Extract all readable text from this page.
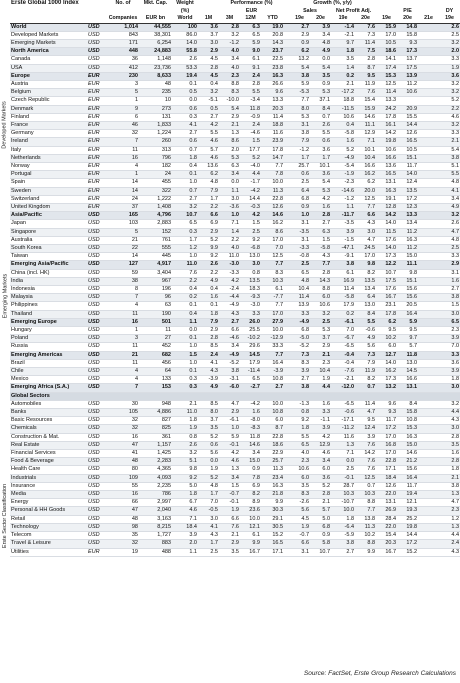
Developed Markets
Emerging Markets
Erste Sector Classification
Erste Global 1000 Index		No. of	Mkt. Cap.	Weight		Performance (%)				Growth (%, y/y)							
				(%)		EUR				Sales		Net Profit Adj.		P/E			DY
		Companies	EUR bn	World	1M	3M	12M	YTD		19e	20e	19e	20e	19e	20e	21e	19e
World	USD	1,014	44,555	100	3.6	2.8	6.3	19.0		2.7	3.9	-1.4	7.6	15.9	14.8		2.6
Developed Markets	USD	843	38,301	86.0	3.7	3.2	6.5	20.8		2.9	3.4	-2.1	7.3	17.0	15.8		2.5
Emerging Markets	USD	171	6,254	14.0	3.0	-1.2	5.9	14.3		0.9	4.8	9.7	11.4	10.5	9.3		3.2
North America	USD	448	24,883	55.8	2.9	4.0	9.0	23.7		6.2	4.9	1.8	7.5	18.6	17.3		2.0
Canada	USD	36	1,148	2.6	4.5	3.4	6.1	22.5		13.2	0.0	3.5	2.8	14.1	13.7		3.3
USA	USD	412	23,736	53.3	2.8	4.0	9.1	23.8		5.4	5.4	1.4	8.7	17.4	17.5		1.9
Europe	EUR	230	8,633	19.4	4.5	2.3	2.4	16.3		3.8	3.5	0.2	9.5	15.3	13.9		3.6
Austria	EUR	3	48	0.1	0.4	8.8	2.8	26.6		5.9	0.9	2.1	11.9	12.5	11.2		3.2
Belgium	EUR	5	235	0.5	3.2	8.3	5.5	9.6		-5.3	5.3	-17.2	7.6	11.4	10.6		3.2
Czech Republic	EUR	1	10	0.0	-5.1	-10.0	-3.4	13.3		7.7	37.1	18.8	15.4	13.3			5.2
Denmark	EUR	9	273	0.6	0.5	5.4	11.8	20.3		8.0	8.4	-11.5	15.9	24.2	20.9		2.2
Finland	EUR	6	131	0.3	2.7	2.9	-0.9	11.4		5.3	0.7	10.6	14.6	17.8	15.5		4.6
France	EUR	46	1,833	4.1	4.2	2.1	2.4	18.8		3.1	2.6	0.4	11.1	16.1	14.4		3.2
Germany	EUR	32	1,224	2.7	5.5	1.3	-4.6	11.6		3.8	5.5	-5.8	12.9	14.2	12.6		3.3
Ireland	EUR	7	260	0.6	4.6	8.6	1.5	23.9		7.9	0.6	1.6	7.1	19.8	16.5		2.1
Italy	EUR	11	313	0.7	5.7	2.0	17.7	17.8		-1.2	3.6	5.2	10.1	10.6	10.5		5.4
Netherlands	EUR	16	796	1.8	4.6	5.3	5.2	14.7		1.7	1.7	-4.9	10.4	16.6	15.1		3.8
Norway	EUR	4	182	0.4	13.6	6.3	-4.0	7.7		25.7	10.1	-5.4	16.6	13.6	11.7		5.1
Portugal	EUR	1	24	0.1	6.2	3.4	4.4	7.8		0.6	3.6	-1.9	16.2	16.5	14.0		5.5
Spain	EUR	14	455	1.0	4.8	0.0	-1.7	10.0		2.5	5.4	-2.3	6.2	13.1	12.4		4.8
Sweden	EUR	14	322	0.7	7.9	1.1	-4.2	11.3		6.4	5.3	-14.6	20.0	16.3	13.5		4.1
Switzerland	EUR	24	1,222	2.7	1.7	3.0	14.4	22.8		6.8	4.2	-1.2	12.5	19.1	17.2		3.4
United Kingdom	EUR	37	1,408	3.2	2.2	-3.6	-0.3	12.6		0.9	1.6	1.1	7.7	12.8	12.3		4.9
Asia/Pacific	USD	165	4,796	10.7	6.6	1.0	4.2	14.6		1.0	2.8	-11.7	6.6	14.2	13.3		3.2
Japan	USD	103	2,883	6.5	6.9	7.1	1.5	16.2		3.1	2.7	-3.5	4.3	14.0	13.4		2.6
Singapore	USD	5	152	0.3	2.9	1.4	2.5	8.6		-3.5	6.3	3.9	3.0	11.5	11.2		4.7
Australia	USD	21	761	1.7	5.2	2.2	9.2	17.0		3.1	1.5	-1.5	4.7	17.6	16.3		4.8
South Korea	USD	22	555	1.2	9.9	4.0	-6.8	7.0		-3.3	-5.8	-47.1	24.5	14.0	11.2		2.5
Taiwan	USD	14	445	1.0	9.2	11.0	13.0	12.5		-0.8	4.3	-9.1	17.0	17.3	15.0		3.3
Emerging Asia/Pacific	USD	127	4,917	11.0	2.6	-3.0	3.0	7.7		2.5	7.7	3.8	9.8	12.2	11.1		2.9
China (incl. HK)	USD	59	3,404	7.6	2.2	-3.3	0.8	8.3		6.5	2.8	6.1	8.2	10.7	9.8		3.1
India	USD	38	967	2.2	4.9	4.2	13.5	10.3		4.8	14.3	16.9	13.5	17.5	15.1		1.6
Indonesia	USD	8	196	0.4	0.4	-2.4	18.3	6.1		10.4	8.8	11.4	13.4	17.6	15.6		2.7
Malaysia	USD	7	96	0.2	1.6	-4.4	-9.3	-7.7		11.4	6.0	-5.8	6.4	16.7	15.6		3.8
Philippines	USD	4	63	0.1	0.1	-4.9	-3.0	7.7		13.9	10.6	17.9	13.0	23.1	20.5		1.5
Thailand	USD	11	190	0.4	1.8	4.3	3.3	17.0		3.3	3.2	0.2	8.4	17.8	16.4		3.0
Emerging Europe	USD	16	501	1.1	7.9	2.7	26.0	27.9		-4.9	2.5	-6.1	5.5	6.2	5.9		6.5
Hungary	USD	1	11	0.0	2.9	6.6	25.5	10.0		6.8	5.3	7.0	-0.6	9.5	9.5		2.3
Poland	USD	3	27	0.1	2.8	-4.6	-10.2	-12.9		-5.0	3.7	-6.7	4.9	10.2	9.7		3.9
Russia	USD	11	452	1.0	8.5	3.4	29.6	33.3		-5.2	2.9	-6.5	5.6	6.0	5.7		7.0
Emerging Americas	USD	21	682	1.5	2.4	-4.9	14.5	7.7		7.3	2.1	-0.4	7.3	12.7	11.8		3.3
Brazil	USD	11	456	1.0	4.1	-5.2	17.9	16.4		8.3	2.3	-0.4	7.9	14.0	13.0		3.6
Chile	USD	4	64	0.1	4.3	3.8	-11.4	-3.9		3.9	10.4	-7.6	11.9	16.2	14.5		3.9
Mexico	USD	4	133	0.3	-3.9	-3.1	6.5	10.8		2.7	1.9	-2.1	8.2	17.3	16.6		1.8
Emerging Africa (S.A.)	USD	7	153	0.3	4.9	-6.0	-2.7	2.7		3.8	4.4	-12.0	0.7	13.2	13.1		3.0
Global Sectors																	
Automobiles	USD	30	948	2.1	8.5	4.7	-4.2	10.0		-1.3	1.6	-6.5	11.4	9.6	8.4		3.2
Banks	USD	105	4,886	11.0	8.0	2.9	1.6	10.8		0.8	3.3	-0.6	4.7	9.3	15.8		4.4
Basic Resources	USD	32	827	1.8	3.7	-6.1	-8.0	6.0		9.2	-1.1	-17.1	9.5	11.7	10.8		4.3
Chemicals	USD	32	825	1.9	3.5	1.0	-8.3	8.7		1.8	3.9	-11.2	12.4	17.2	15.3		3.0
Construction & Mat.	USD	16	361	0.8	5.2	5.9	11.8	22.8		5.5	4.2	11.6	3.9	17.0	16.3		2.8
Real Estate	USD	47	1,157	2.6	0.6	-0.1	14.6	18.6		6.5	12.9	1.3	7.6	16.8	15.0		3.5
Financial Services	USD	41	1,425	3.2	5.6	4.2	3.4	22.9		4.0	4.6	7.1	14.2	17.0	14.6		1.6
Food & Beverage	USD	48	2,283	5.1	0.0	4.6	15.0	25.7		2.3	3.4	0.0	7.6	22.8	21.2		2.8
Health Care	USD	80	4,365	9.8	1.9	1.3	0.9	11.3		10.6	6.0	2.5	7.6	17.1	15.6		1.8
Industrials	USD	109	4,093	9.2	5.2	3.4	7.8	23.4		6.0	3.6	-0.1	12.5	18.4	16.4		2.1
Insurance	USD	55	2,235	5.0	4.8	1.5	6.9	16.3		3.5	5.2	28.7	0.7	12.6	11.7		3.8
Media	USD	16	786	1.8	1.7	-0.7	8.2	21.8		8.3	2.8	10.3	10.3	22.0	19.4		1.3
Energy	USD	66	2,997	6.7	7.0	-0.1	8.9	9.9		-2.6	2.1	-10.7	8.8	13.1	12.1		4.7
Personal & HH Goods	USD	47	2,040	4.6	-0.5	1.9	23.6	30.3		5.6	5.7	10.0	7.7	26.9	19.3		2.3
Retail	USD	48	3,163	7.1	3.0	6.6	10.0	29.1		4.5	5.0	1.8	13.8	28.4	25.2		1.2
Technology	USD	98	8,215	18.4	4.1	7.6	12.1	30.5		1.9	6.8	-6.4	11.3	22.0	19.8		1.3
Telecom	USD	35	1,727	3.9	4.3	2.1	6.1	15.2		-0.7	0.9	-5.9	10.2	15.4	14.4		4.4
Travel & Leisure	USD	32	883	2.0	1.7	2.9	9.9	16.5		6.6	5.8	3.8	8.8	20.3	17.2		2.4
Utilities	EUR	19	488	1.1	2.5	3.5	16.7	17.1		3.1	10.7	2.7	9.9	16.7	15.2		4.3
Source: FactSet, Erste Group Research Calculations
